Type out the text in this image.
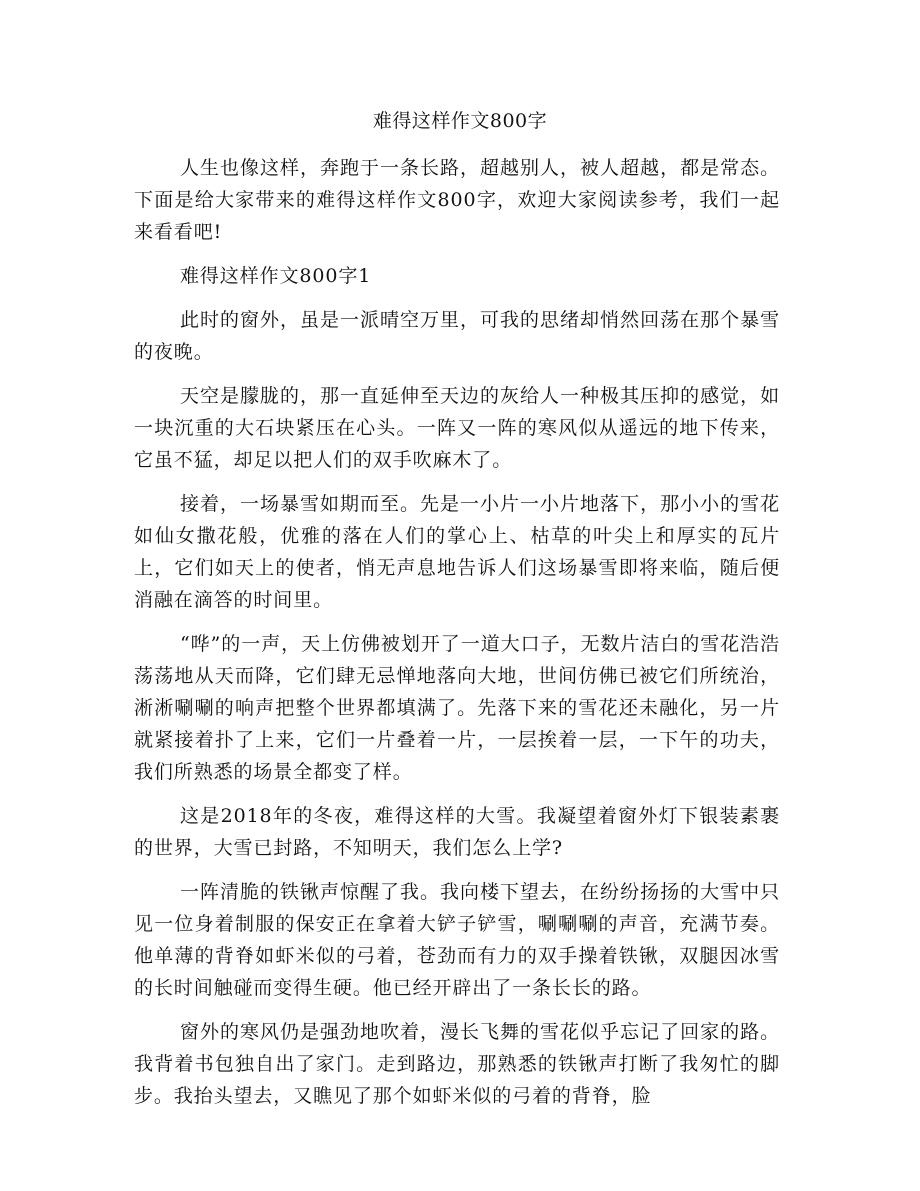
难得这样作文800字

人生也像这样，奔跑于一条长路，超越别人，被人超越，都是常态。下面是给大家带来的难得这样作文800字，欢迎大家阅读参考，我们一起来看看吧!

难得这样作文800字1

此时的窗外，虽是一派晴空万里，可我的思绪却悄然回荡在那个暴雪的夜晚。

天空是朦胧的，那一直延伸至天边的灰给人一种极其压抑的感觉，如一块沉重的大石块紧压在心头。一阵又一阵的寒风似从遥远的地下传来，它虽不猛，却足以把人们的双手吹麻木了。

接着，一场暴雪如期而至。先是一小片一小片地落下，那小小的雪花如仙女撒花般，优雅的落在人们的掌心上、枯草的叶尖上和厚实的瓦片上，它们如天上的使者，悄无声息地告诉人们这场暴雪即将来临，随后便消融在滴答的时间里。

“哗”的一声，天上仿佛被划开了一道大口子，无数片洁白的雪花浩浩荡荡地从天而降，它们肆无忌惮地落向大地，世间仿佛已被它们所统治，淅淅唰唰的响声把整个世界都填满了。先落下来的雪花还未融化，另一片就紧接着扑了上来，它们一片叠着一片，一层挨着一层，一下午的功夫，我们所熟悉的场景全都变了样。

这是2018年的冬夜，难得这样的大雪。我凝望着窗外灯下银装素裹的世界，大雪已封路，不知明天，我们怎么上学?

一阵清脆的铁锹声惊醒了我。我向楼下望去，在纷纷扬扬的大雪中只见一位身着制服的保安正在拿着大铲子铲雪，唰唰唰的声音，充满节奏。他单薄的背脊如虾米似的弓着，苍劲而有力的双手操着铁锹，双腿因冰雪的长时间触碰而变得生硬。他已经开辟出了一条长长的路。

窗外的寒风仍是强劲地吹着，漫长飞舞的雪花似乎忘记了回家的路。我背着书包独自出了家门。走到路边，那熟悉的铁锹声打断了我匆忙的脚步。我抬头望去，又瞧见了那个如虾米似的弓着的背脊，脸
